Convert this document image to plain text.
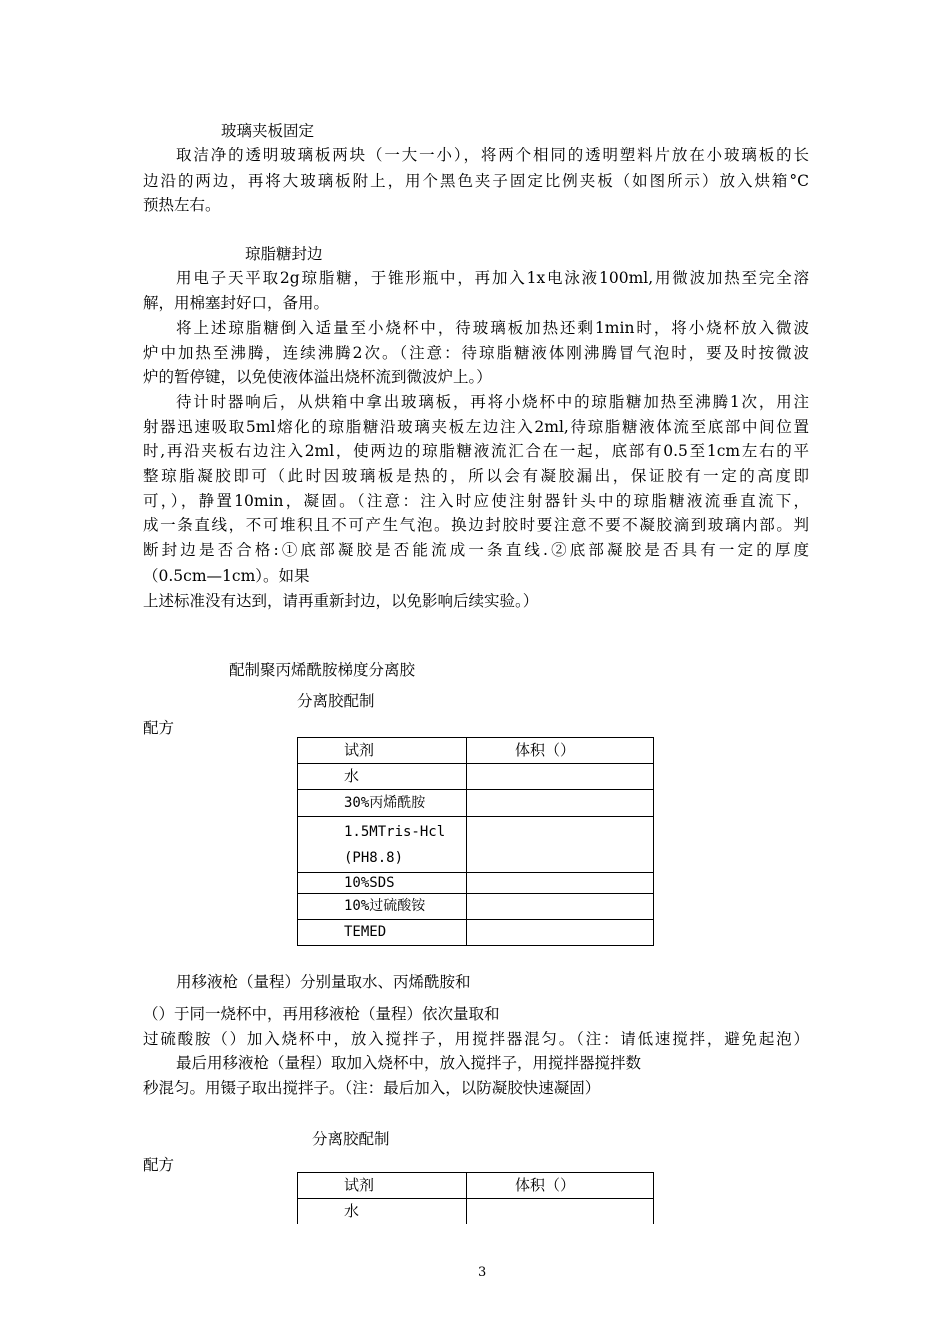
玻璃夹板固定
取洁净的透明玻璃板两块（一大一小），将两个相同的透明塑料片放在小玻璃板的长
边沿的两边，再将大玻璃板附上，用个黑色夹子固定比例夹板（如图所示）放入烘箱°C
预热左右。
琼脂糖封边
用电子天平取2g琼脂糖，于锥形瓶中，再加入1x电泳液100ml,用微波加热至完全溶
解，用棉塞封好口，备用。
将上述琼脂糖倒入适量至小烧杯中，待玻璃板加热还剩1min时，将小烧杯放入微波
炉中加热至沸腾，连续沸腾2次。（注意：待琼脂糖液体刚沸腾冒气泡时，要及时按微波
炉的暂停键，以免使液体溢出烧杯流到微波炉上。）
待计时器响后，从烘箱中拿出玻璃板，再将小烧杯中的琼脂糖加热至沸腾1次，用注
射器迅速吸取5ml熔化的琼脂糖沿玻璃夹板左边注入2ml,待琼脂糖液体流至底部中间位置
时,再沿夹板右边注入2ml，使两边的琼脂糖液流汇合在一起，底部有0.5至1cm左右的平
整琼脂凝胶即可（此时因玻璃板是热的，所以会有凝胶漏出，保证胶有一定的高度即
可，），静置10min，凝固。（注意：注入时应使注射器针头中的琼脂糖液流垂直流下，
成一条直线，不可堆积且不可产生气泡。换边封胶时要注意不要不凝胶滴到玻璃内部。判
断封边是否合格:①底部凝胶是否能流成一条直线.②底部凝胶是否具有一定的厚度
（0.5cm—1cm）。如果
上述标准没有达到，请再重新封边，以免影响后续实验。）
配制聚丙烯酰胺梯度分离胶
分离胶配制
配方
试剂	体积（）
水	
30%丙烯酰胺	
1.5MTris-Hcl
(PH8.8)	
10%SDS	
10%过硫酸铵	
TEMED	
用移液枪（量程）分别量取水、丙烯酰胺和
（）于同一烧杯中，再用移液枪（量程）依次量取和
过硫酸胺（）加入烧杯中，放入搅拌子，用搅拌器混匀。（注：请低速搅拌，避免起泡）
最后用移液枪（量程）取加入烧杯中，放入搅拌子，用搅拌器搅拌数
秒混匀。用镊子取出搅拌子。（注：最后加入，以防凝胶快速凝固）
分离胶配制
配方
试剂	体积（）
水	
3
